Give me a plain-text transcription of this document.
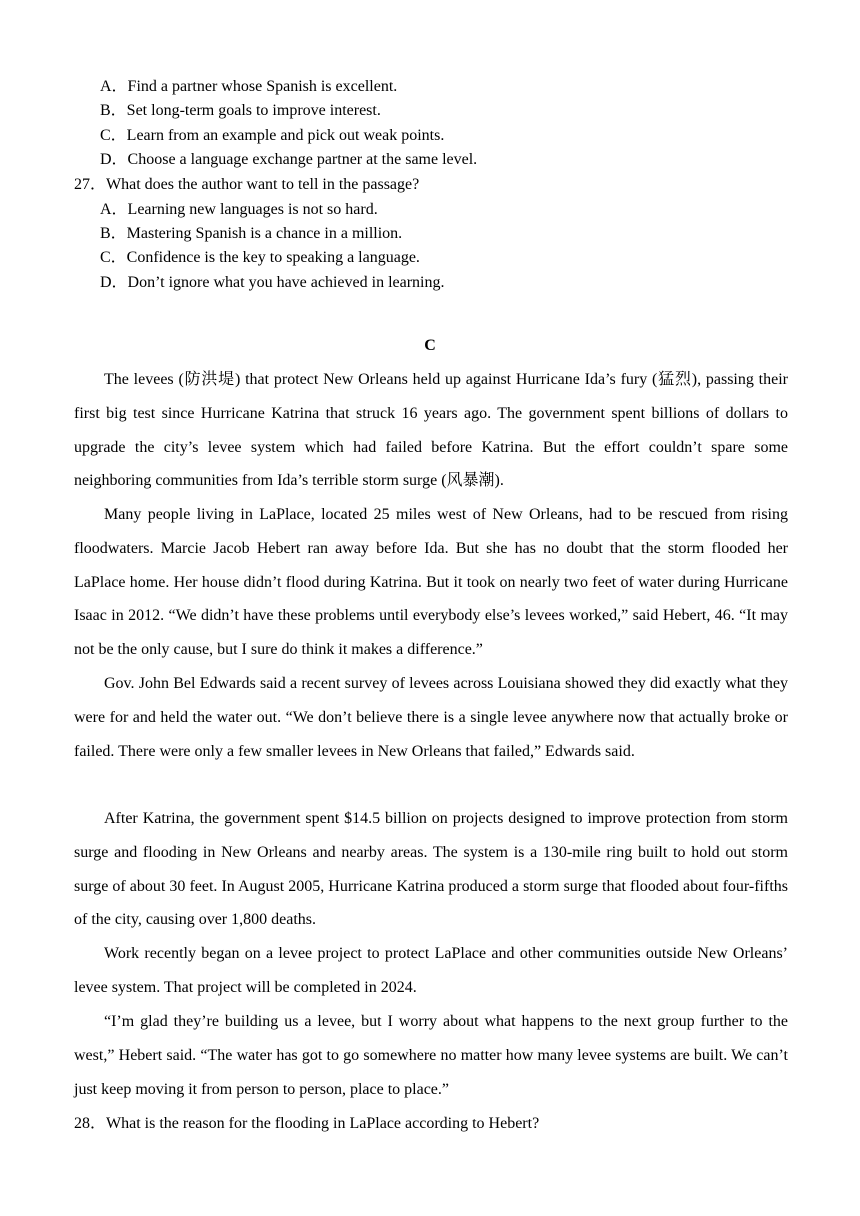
A．Find a partner whose Spanish is excellent.
B．Set long-term goals to improve interest.
C．Learn from an example and pick out weak points.
D．Choose a language exchange partner at the same level.
27．What does the author want to tell in the passage?
A．Learning new languages is not so hard.
B．Mastering Spanish is a chance in a million.
C．Confidence is the key to speaking a language.
D．Don’t ignore what you have achieved in learning.
C

The levees (防洪堤) that protect New Orleans held up against Hurricane Ida’s fury (猛烈), passing their first big test since Hurricane Katrina that struck 16 years ago. The government spent billions of dollars to upgrade the city’s levee system which had failed before Katrina. But the effort couldn’t spare some neighboring communities from Ida’s terrible storm surge (风暴潮).

Many people living in LaPlace, located 25 miles west of New Orleans, had to be rescued from rising floodwaters. Marcie Jacob Hebert ran away before Ida. But she has no doubt that the storm flooded her LaPlace home. Her house didn’t flood during Katrina. But it took on nearly two feet of water during Hurricane Isaac in 2012. “We didn’t have these problems until everybody else’s levees worked,” said Hebert, 46. “It may not be the only cause, but I sure do think it makes a difference.”

Gov. John Bel Edwards said a recent survey of levees across Louisiana showed they did exactly what they were for and held the water out. “We don’t believe there is a single levee anywhere now that actually broke or failed. There were only a few smaller levees in New Orleans that failed,” Edwards said.

After Katrina, the government spent $14.5 billion on projects designed to improve protection from storm surge and flooding in New Orleans and nearby areas. The system is a 130-mile ring built to hold out storm surge of about 30 feet. In August 2005, Hurricane Katrina produced a storm surge that flooded about four-fifths of the city, causing over 1,800 deaths.

Work recently began on a levee project to protect LaPlace and other communities outside New Orleans’ levee system. That project will be completed in 2024.

“I’m glad they’re building us a levee, but I worry about what happens to the next group further to the west,” Hebert said. “The water has got to go somewhere no matter how many levee systems are built. We can’t just keep moving it from person to person, place to place.”

28．What is the reason for the flooding in LaPlace according to Hebert?
